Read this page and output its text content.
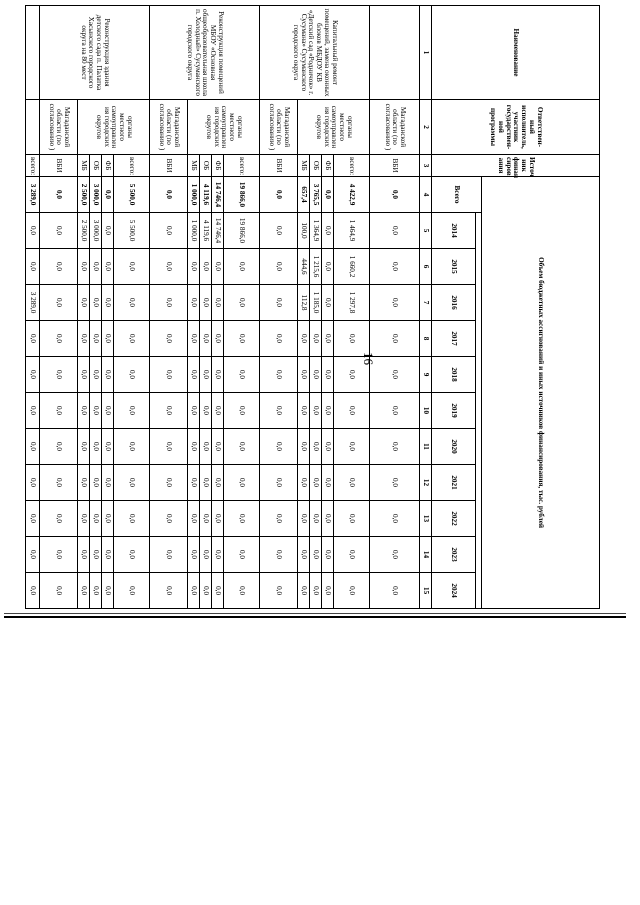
16
Наименование	Ответствен-ный исполнитель, участник государствен-ной программы	Источ ник финан сиров ания	Объем бюджетных ассигнований и иных источников финансирования, тыс. рублей											
			Всего											
				2014	2015	2016	2017	2018	2019	2020	2021	2022	2023	2024
1	2	3	4	5	6	7	8	9	10	11	12	13	14	15
	Магаданской области (по согласованию )	ВБИ	0,0	0,0	0,0	0,0	0,0	0,0	0,0	0,0	0,0	0,0	0,0	0,0
Капитальный ремонт помещений, замена оконных блоков МБДОУ КВ «Детский сад «Родничок» г. Сусумана» Сусуманского городского округа	органы местного самоуправлен ия городских округов	всего:	4 422,9	1 464,9	1 660,2	1 297,8	0,0	0,0	0,0	0,0	0,0	0,0	0,0	0,0
		ФБ	0,0	0,0	0,0	0,0	0,0	0,0	0,0	0,0	0,0	0,0	0,0	0,0
		ОБ	3 765,5	1 364,9	1 215,6	1 185,0	0,0	0,0	0,0	0,0	0,0	0,0	0,0	0,0
		МБ	657,4	100,0	444,6	112,8	0,0	0,0	0,0	0,0	0,0	0,0	0,0	0,0
	Магаданской области (по согласованию )	ВБИ	0,0	0,0	0,0	0,0	0,0	0,0	0,0	0,0	0,0	0,0	0,0	0,0
Реконструкция помещений МБОУ «Основная общеобразовательная школа п. Холодный» Сусуманского городского округа	органы местного самоуправлен ия городских округов	всего:	19 866,0	19 866,0	0,0	0,0	0,0	0,0	0,0	0,0	0,0	0,0	0,0	0,0
		ФБ	14 746,4	14 746,4	0,0	0,0	0,0	0,0	0,0	0,0	0,0	0,0	0,0	0,0
		ОБ	4 119,6	4 119,6	0,0	0,0	0,0	0,0	0,0	0,0	0,0	0,0	0,0	0,0
		МБ	1 000,0	1 000,0	0,0	0,0	0,0	0,0	0,0	0,0	0,0	0,0	0,0	0,0
	Магаданской области (по согласованию )	ВБИ	0,0	0,0	0,0	0,0	0,0	0,0	0,0	0,0	0,0	0,0	0,0	0,0
Реконструкция здания детского сада п. Палатка Хасынского городского округа на 80 мест	органы местного самоуправлен ия городских округов	всего:	5 500,0	5 500,0	0,0	0,0	0,0	0,0	0,0	0,0	0,0	0,0	0,0	0,0
		ФБ	0,0	0,0	0,0	0,0	0,0	0,0	0,0	0,0	0,0	0,0	0,0	0,0
		ОБ	3 000,0	3 000,0	0,0	0,0	0,0	0,0	0,0	0,0	0,0	0,0	0,0	0,0
		МБ	2 500,0	2 500,0	0,0	0,0	0,0	0,0	0,0	0,0	0,0	0,0	0,0	0,0
	Магаданской области (по согласованию )	ВБИ	0,0	0,0	0,0	0,0	0,0	0,0	0,0	0,0	0,0	0,0	0,0	0,0
		всего:	3 289,0	0,0	0,0	3 289,0	0,0	0,0	0,0	0,0	0,0	0,0	0,0	0,0
